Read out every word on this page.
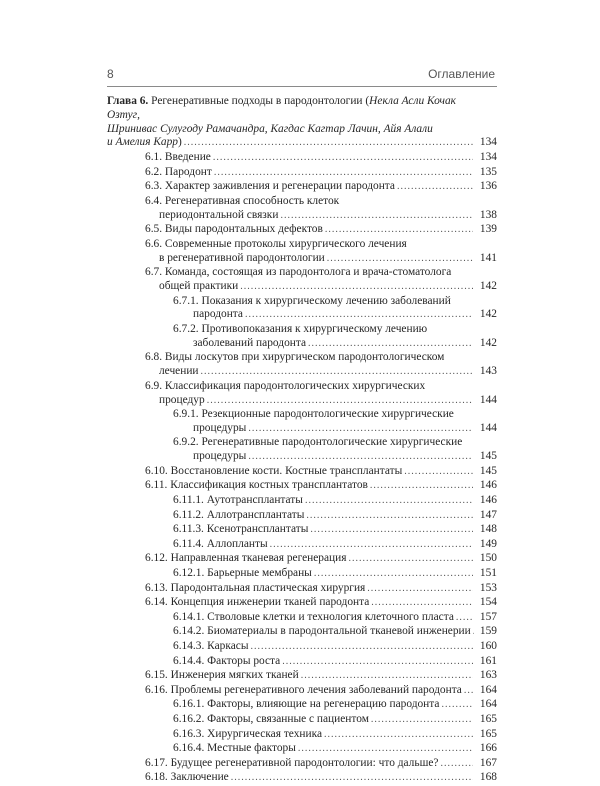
8	Оглавление
Глава 6. Регенеративные подходы в пародонтологии (Некла Асли Кочак Озтуг,
Шринивас Сулугоду Рамачандра, Кагдас Кагтар Лачин, Айя Алали
и Амелия Карр) .....	134
6.1. Введение .....	134
6.2. Пародонт .....	135
6.3. Характер заживления и регенерации пародонта .....	136
6.4. Регенеративная способность клеток
периодонтальной связки .....	138
6.5. Виды пародонтальных дефектов .....	139
6.6. Современные протоколы хирургического лечения
в регенеративной пародонтологии .....	141
6.7. Команда, состоящая из пародонтолога и врача-стоматолога
общей практики .....	142
6.7.1. Показания к хирургическому лечению заболеваний
пародонта .....	142
6.7.2. Противопоказания к хирургическому лечению
заболеваний пародонта .....	142
6.8. Виды лоскутов при хирургическом пародонтологическом
лечении .....	143
6.9. Классификация пародонтологических хирургических
процедур .....	144
6.9.1. Резекционные пародонтологические хирургические
процедуры .....	144
6.9.2. Регенеративные пародонтологические хирургические
процедуры .....	145
6.10. Восстановление кости. Костные трансплантаты .....	145
6.11. Классификация костных трансплантатов .....	146
6.11.1. Аутотрансплантаты .....	146
6.11.2. Аллотрансплантаты .....	147
6.11.3. Ксенотрансплантаты .....	148
6.11.4. Аллопланты .....	149
6.12. Направленная тканевая регенерация .....	150
6.12.1. Барьерные мембраны .....	151
6.13. Пародонтальная пластическая хирургия .....	153
6.14. Концепция инженерии тканей пародонта .....	154
6.14.1. Стволовые клетки и технология клеточного пласта .....	157
6.14.2. Биоматериалы в пародонтальной тканевой инженерии ..... 159
6.14.3. Каркасы .....	160
6.14.4. Факторы роста .....	161
6.15. Инженерия мягких тканей .....	163
6.16. Проблемы регенеративного лечения заболеваний пародонта .....	164
6.16.1. Факторы, влияющие на регенерацию пародонта .....	164
6.16.2. Факторы, связанные с пациентом .....	165
6.16.3. Хирургическая техника .....	165
6.16.4. Местные факторы .....	166
6.17. Будущее регенеративной пародонтологии: что дальше? .....	167
6.18. Заключение .....	168
